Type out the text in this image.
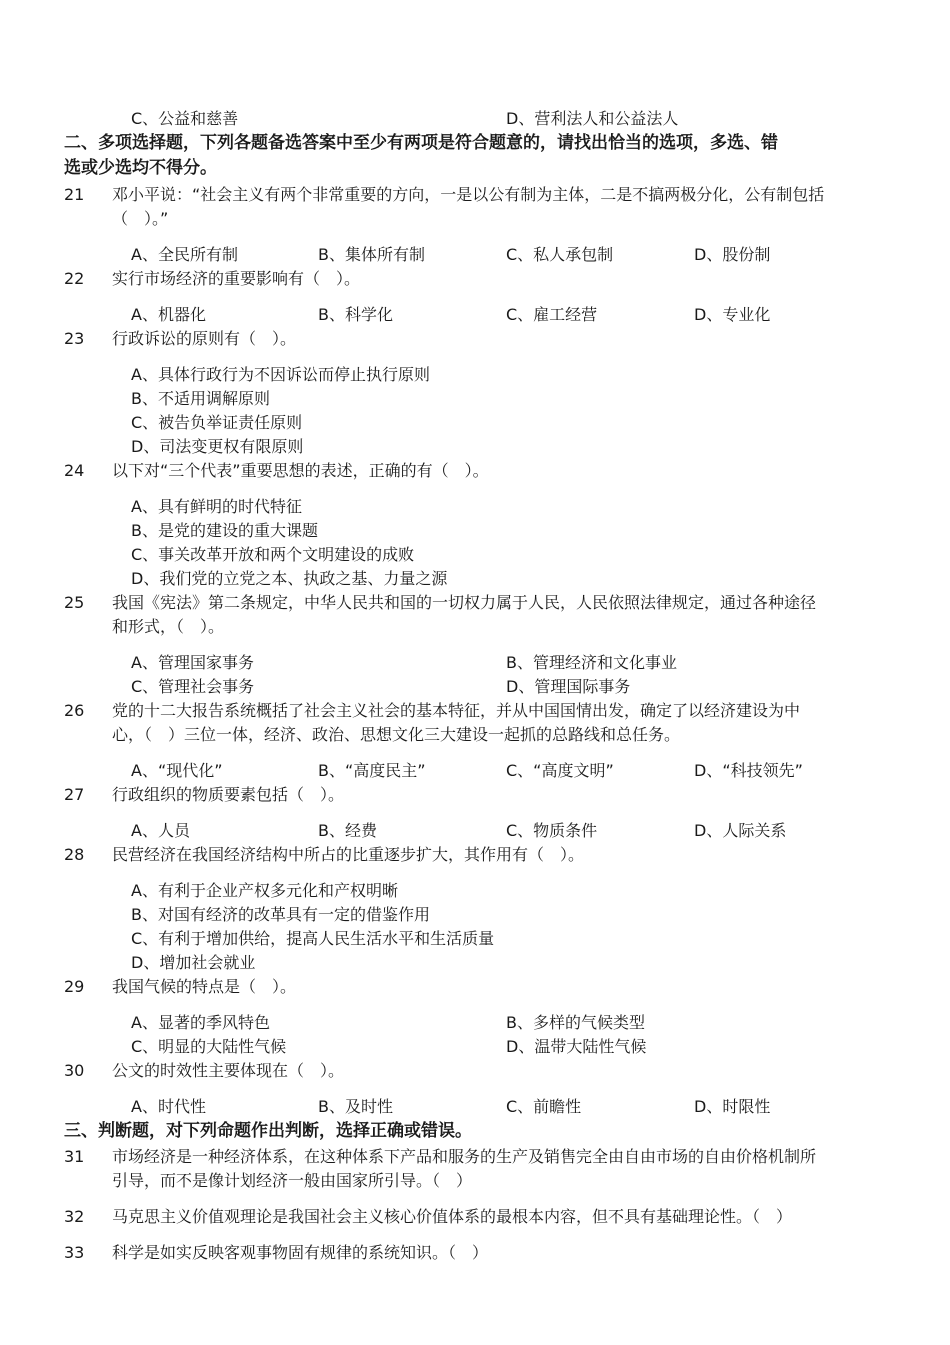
C、公益和慈善	D、营利法人和公益法人
二、多项选择题，下列各题备选答案中至少有两项是符合题意的，请找出恰当的选项，多选、错
选或少选均不得分。
21 邓小平说：“社会主义有两个非常重要的方向，一是以公有制为主体，二是不搞两极分化，公有制包括
（　）。”
A、全民所有制	B、集体所有制	C、私人承包制	D、股份制
22 实行市场经济的重要影响有（　）。
A、机器化	B、科学化	C、雇工经营	D、专业化
23 行政诉讼的原则有（　）。
A、具体行政行为不因诉讼而停止执行原则
B、不适用调解原则
C、被告负举证责任原则
D、司法变更权有限原则
24 以下对“三个代表”重要思想的表述，正确的有（　）。
A、具有鲜明的时代特征
B、是党的建设的重大课题
C、事关改革开放和两个文明建设的成败
D、我们党的立党之本、执政之基、力量之源
25 我国《宪法》第二条规定，中华人民共和国的一切权力属于人民，人民依照法律规定，通过各种途径
和形式，（　）。
A、管理国家事务	B、管理经济和文化事业
C、管理社会事务	D、管理国际事务
26 党的十二大报告系统概括了社会主义社会的基本特征，并从中国国情出发，确定了以经济建设为中
心，（　）三位一体，经济、政治、思想文化三大建设一起抓的总路线和总任务。
A、“现代化”	B、“高度民主”	C、“高度文明”	D、“科技领先”
27 行政组织的物质要素包括（　）。
A、人员	B、经费	C、物质条件	D、人际关系
28 民营经济在我国经济结构中所占的比重逐步扩大，其作用有（　）。
A、有利于企业产权多元化和产权明晰
B、对国有经济的改革具有一定的借鉴作用
C、有利于增加供给，提高人民生活水平和生活质量
D、增加社会就业
29 我国气候的特点是（　）。
A、显著的季风特色	B、多样的气候类型
C、明显的大陆性气候	D、温带大陆性气候
30 公文的时效性主要体现在（　）。
A、时代性	B、及时性	C、前瞻性	D、时限性
三、判断题，对下列命题作出判断，选择正确或错误。
31 市场经济是一种经济体系，在这种体系下产品和服务的生产及销售完全由自由市场的自由价格机制所
引导，而不是像计划经济一般由国家所引导。（　）
32 马克思主义价值观理论是我国社会主义核心价值体系的最根本内容，但不具有基础理论性。（　）
33 科学是如实反映客观事物固有规律的系统知识。（　）
